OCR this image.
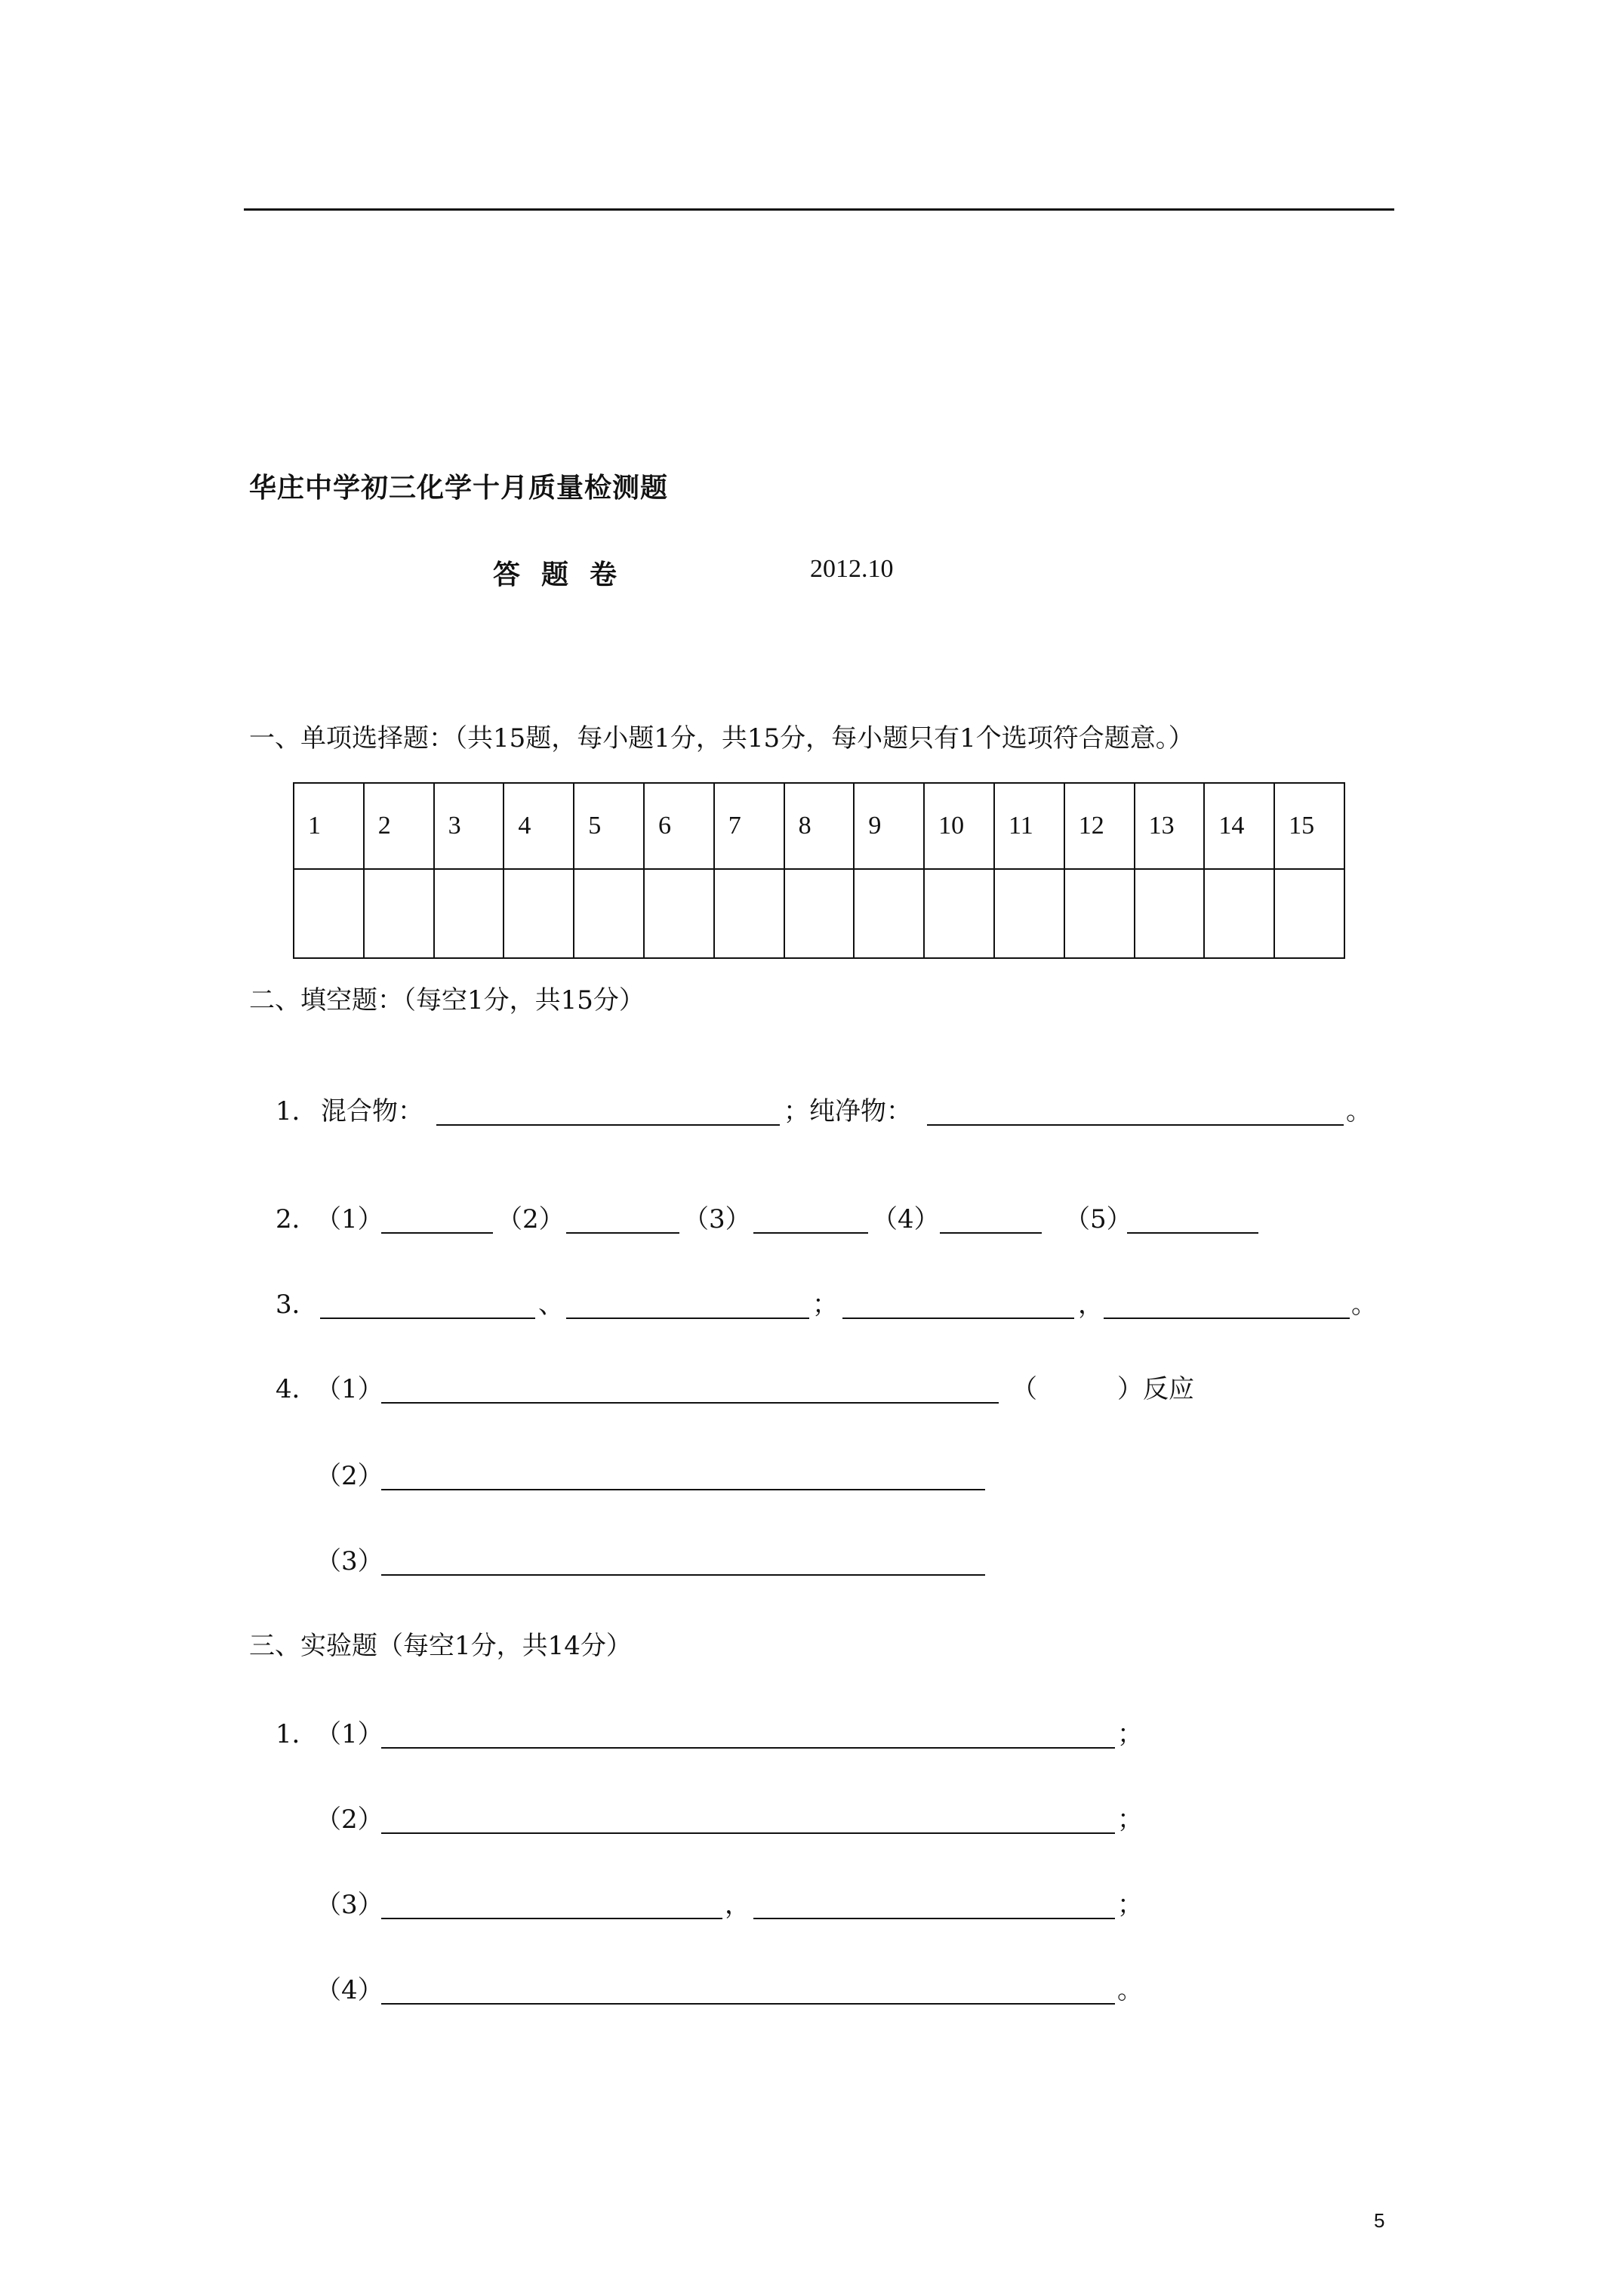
华庄中学初三化学十月质量检测题
答题卷	2012.10
一、单项选择题：（共15题，每小题1分，共15分，每小题只有1个选项符合题意。）
1	2	3	4	5	6	7	8	9	10	11	12	13	14	15

二、填空题：（每空1分，共15分）
1． 混合物：	；纯净物：	。
2．
（1）	（2）	（3）	（4）	（5）
3．	、	；	，	。
4．
（1）	（	）反应
（2）
（3）
三、实验题（每空1分，共14分）
1．
（1）	；
（2）	；
（3）	，	；
（4）	。
5
